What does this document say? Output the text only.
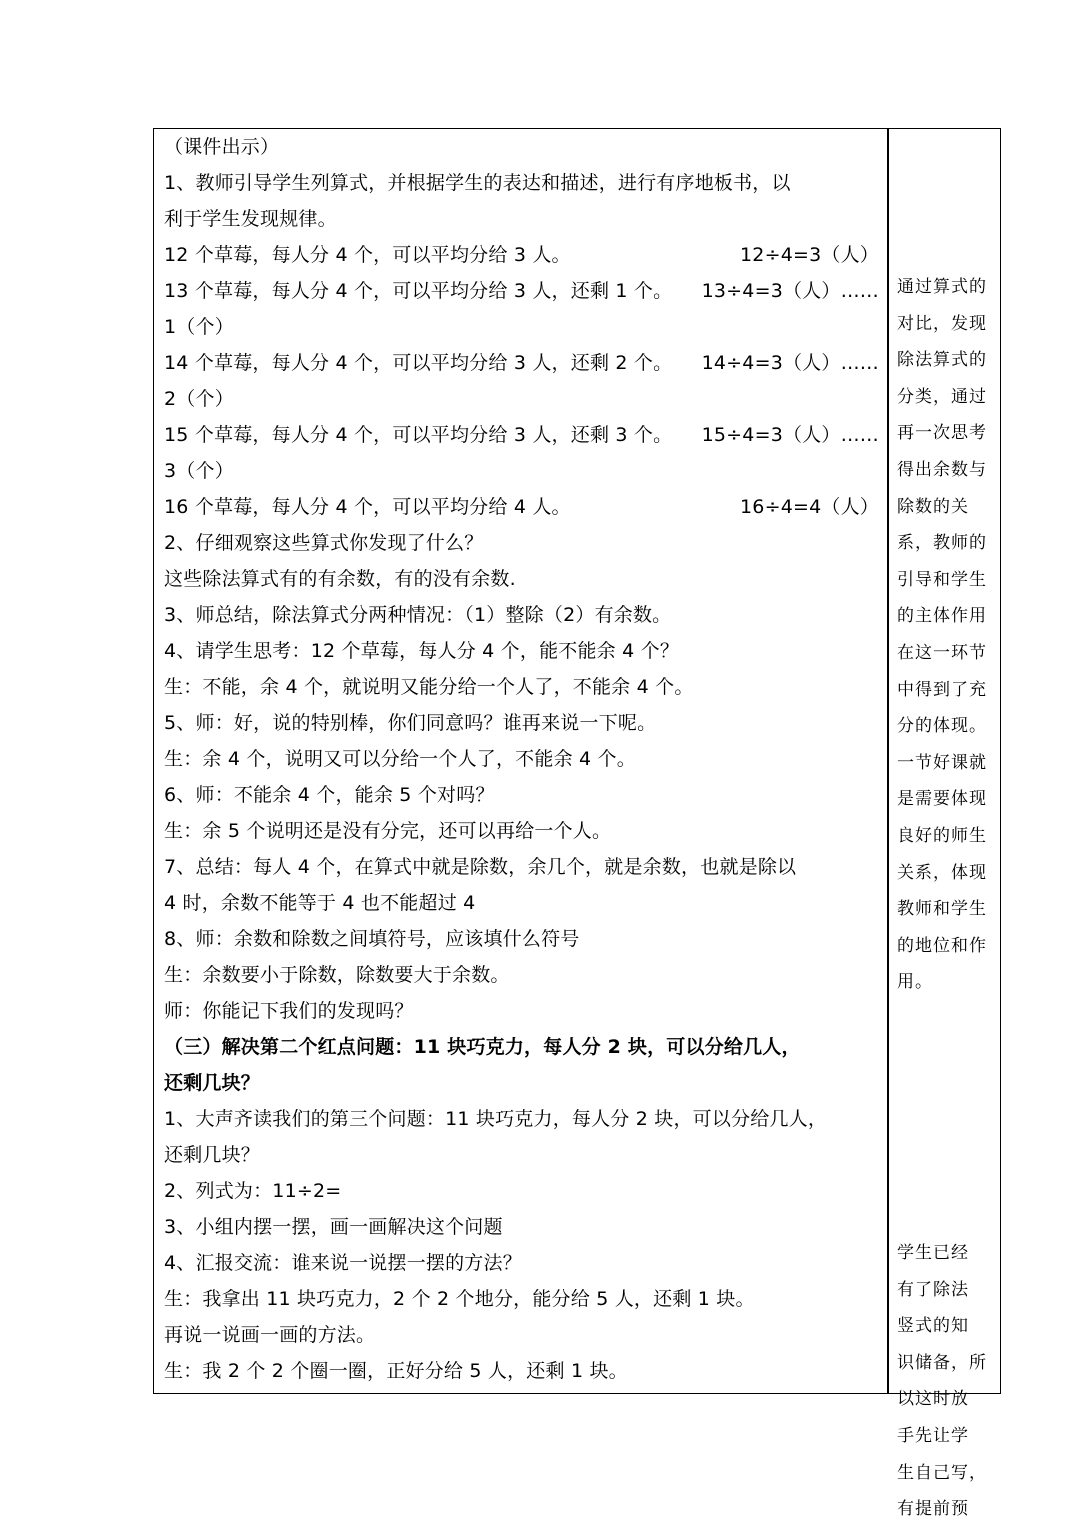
（课件出示）
1、教师引导学生列算式，并根据学生的表达和描述，进行有序地板书，以
利于学生发现规律。
12 个草莓，每人分 4 个，可以平均分给 3 人。	12÷4=3（人）
13 个草莓，每人分 4 个，可以平均分给 3 人，还剩 1 个。 13÷4=3（人）……
1（个）
14 个草莓，每人分 4 个，可以平均分给 3 人，还剩 2 个。 14÷4=3（人）……
2（个）
15 个草莓，每人分 4 个，可以平均分给 3 人，还剩 3 个。 15÷4=3（人）……
3（个）
16 个草莓，每人分 4 个，可以平均分给 4 人。	16÷4=4（人）
2、仔细观察这些算式你发现了什么？
这些除法算式有的有余数，有的没有余数.
3、师总结，除法算式分两种情况：（1）整除（2）有余数。
4、请学生思考：12 个草莓，每人分 4 个，能不能余 4 个？
生：不能，余 4 个，就说明又能分给一个人了，不能余 4 个。
5、师：好，说的特别棒，你们同意吗？谁再来说一下呢。
生：余 4 个，说明又可以分给一个人了，不能余 4 个。
6、师：不能余 4 个，能余 5 个对吗？
生：余 5 个说明还是没有分完，还可以再给一个人。
7、总结：每人 4 个，在算式中就是除数，余几个，就是余数，也就是除以
4 时，余数不能等于 4 也不能超过 4
8、师：余数和除数之间填符号，应该填什么符号
生：余数要小于除数，除数要大于余数。
师：你能记下我们的发现吗？
（三）解决第二个红点问题：11 块巧克力，每人分 2 块，可以分给几人，
还剩几块？
1、大声齐读我们的第三个问题：11 块巧克力，每人分 2 块，可以分给几人，
还剩几块？
2、列式为：11÷2=
3、小组内摆一摆，画一画解决这个问题
4、汇报交流：谁来说一说摆一摆的方法？
生：我拿出 11 块巧克力，2 个 2 个地分，能分给 5 人，还剩 1 块。
再说一说画一画的方法。
生：我 2 个 2 个圈一圈，正好分给 5 人，还剩 1 块。
通过算式的
对比，发现
除法算式的
分类，通过
再一次思考
得出余数与
除数的关
系，教师的
引导和学生
的主体作用
在这一环节
中得到了充
分的体现。
一节好课就
是需要体现
良好的师生
关系，体现
教师和学生
的地位和作
用。
学生已经
有了除法
竖式的知
识储备，所
以这时放
手先让学
生自己写，
有提前预
